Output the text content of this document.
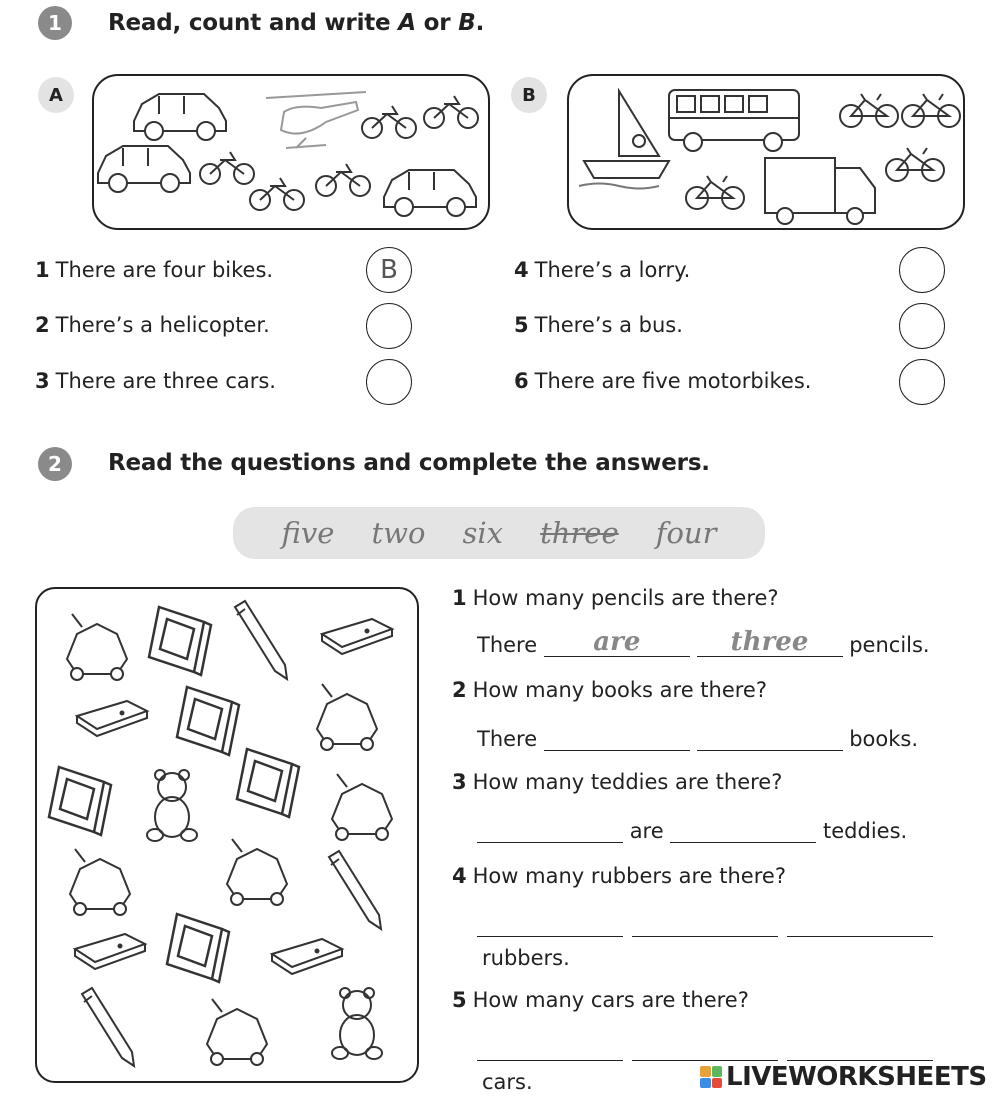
1	Read, count and write A or B.
A	B
1 There are four bikes.	B
2 There’s a helicopter.
3 There are three cars.
4 There’s a lorry.
5 There’s a bus.
6 There are five motorbikes.
2	Read the questions and complete the answers.
five two six three four
1 How many pencils are there?
There are	three pencils.
2 How many books are there?
There	books.
3 How many teddies are there?
are	teddies.
4 How many rubbers are there?

rubbers.
5 How many cars are there?

cars.	LIVEWORKSHEETS
